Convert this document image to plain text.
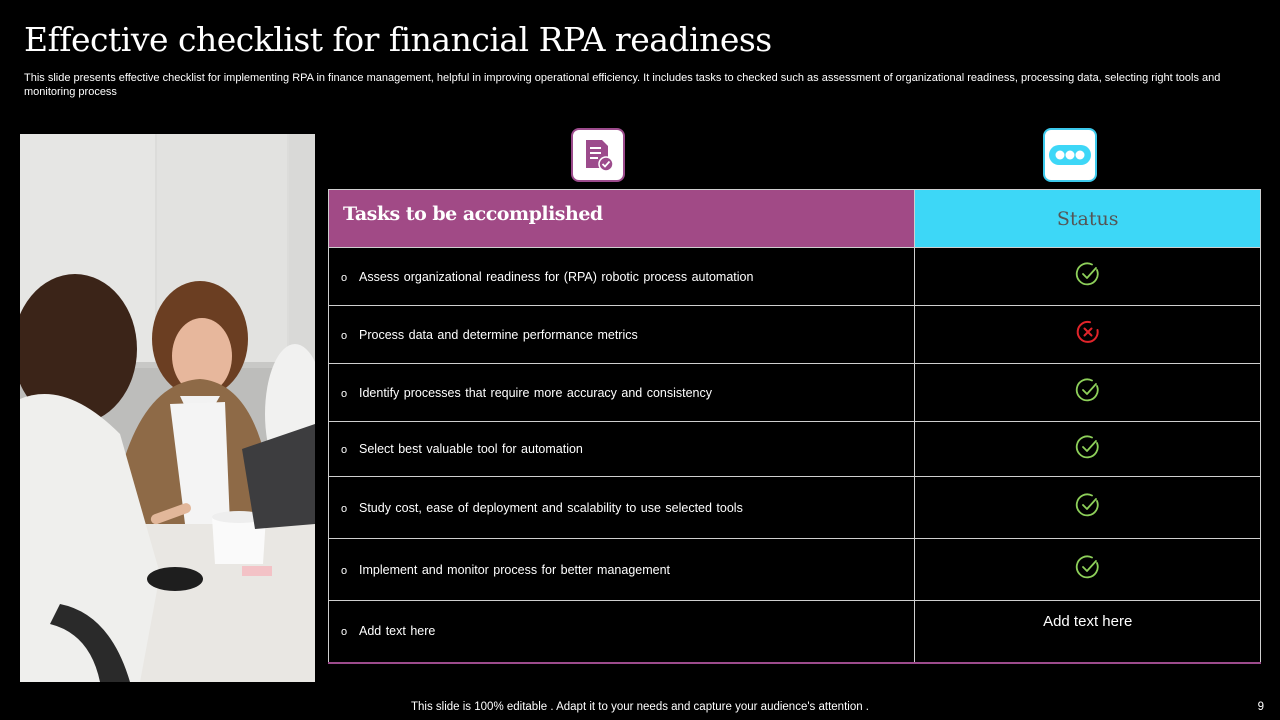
Effective checklist for financial RPA readiness
This slide presents effective checklist for implementing RPA in finance management, helpful in improving operational efficiency. It includes tasks to checked such as assessment of organizational readiness, processing data, selecting right tools and monitoring process
Tasks to be accomplished	Status
o Assess organizational readiness for (RPA) robotic process automation	
o Process data and determine performance metrics	
o Identify processes that require more accuracy and consistency	
o Select best valuable tool for automation	
o Study cost, ease of deployment and scalability to use selected tools	
o Implement and monitor process for better management	
o Add text here	Add text here
This slide is 100% editable . Adapt it to your needs and capture your audience's attention .	9
